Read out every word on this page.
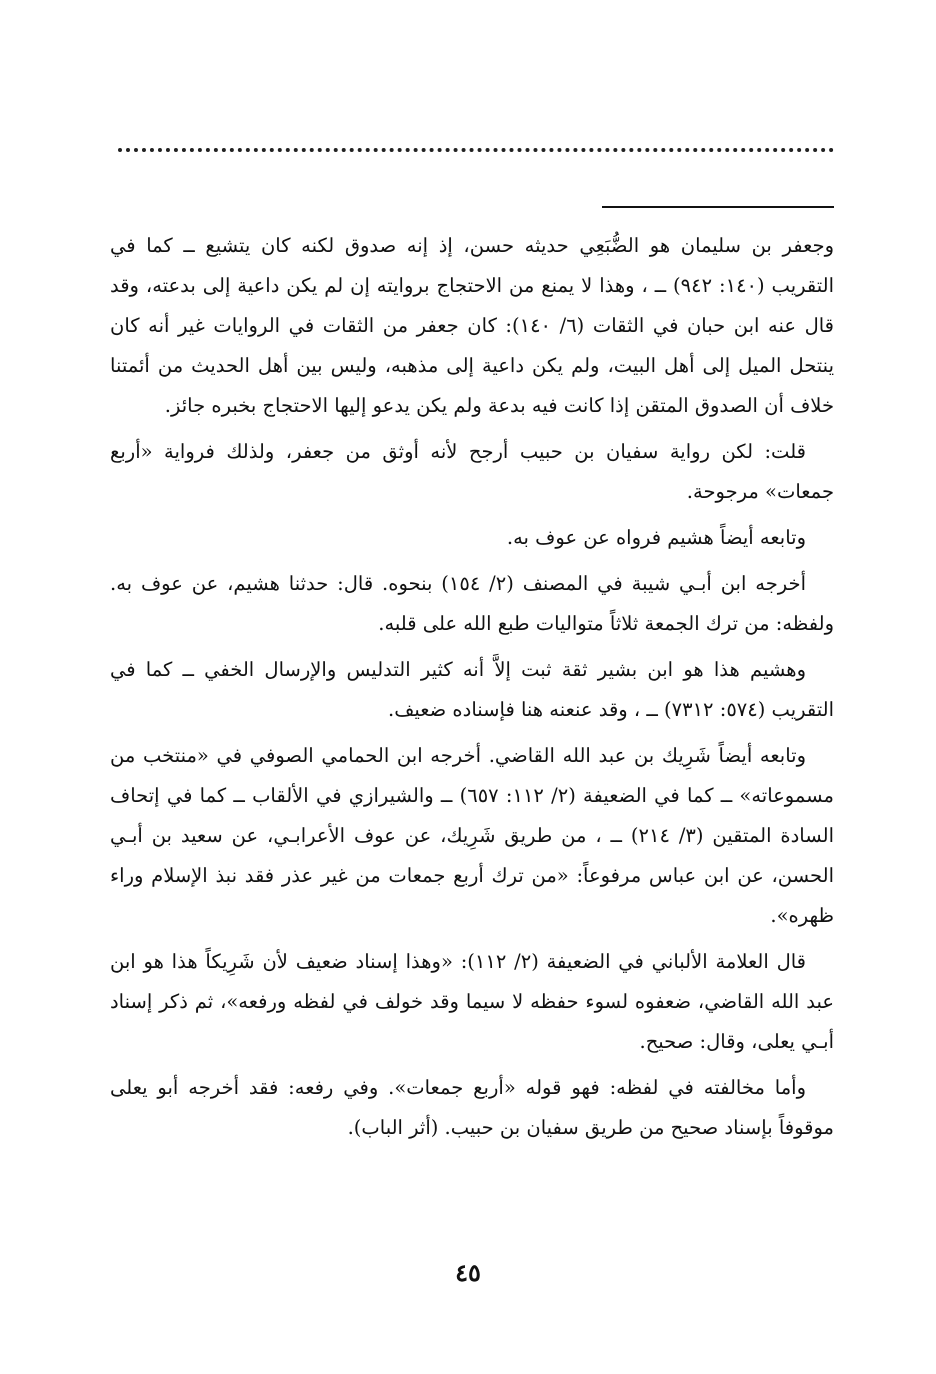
وجعفر بن سليمان هو الضُّبَعِي حديثه حسن، إذ إنه صدوق لكنه كان يتشيع ــ كما في التقريب (١٤٠: ٩٤٢) ــ ، وهذا لا يمنع من الاحتجاج بروايته إن لم يكن داعية إلى بدعته، وقد قال عنه ابن حبان في الثقات (٦/ ١٤٠): كان جعفر من الثقات في الروايات غير أنه كان ينتحل الميل إلى أهل البيت، ولم يكن داعية إلى مذهبه، وليس بين أهل الحديث من أئمتنا خلاف أن الصدوق المتقن إذا كانت فيه بدعة ولم يكن يدعو إليها الاحتجاج بخبره جائز.

قلت: لكن رواية سفيان بن حبيب أرجح لأنه أوثق من جعفر، ولذلك فرواية «أربع جمعات» مرجوحة.

وتابعه أيضاً هشيم فرواه عن عوف به.

أخرجه ابن أبـي شيبة في المصنف (٢/ ١٥٤) بنحوه. قال: حدثنا هشيم، عن عوف به. ولفظه: من ترك الجمعة ثلاثاً متواليات طبع الله على قلبه.

وهشيم هذا هو ابن بشير ثقة ثبت إلاَّ أنه كثير التدليس والإرسال الخفي ــ كما في التقريب (٥٧٤: ٧٣١٢) ــ ، وقد عنعنه هنا فإسناده ضعيف.

وتابعه أيضاً شَرِيك بن عبد الله القاضي. أخرجه ابن الحمامي الصوفي في «منتخب من مسموعاته» ــ كما في الضعيفة (٢/ ١١٢: ٦٥٧) ــ والشيرازي في الألقاب ــ كما في إتحاف السادة المتقين (٣/ ٢١٤) ــ ، من طريق شَرِيك، عن عوف الأعرابـي، عن سعيد بن أبـي الحسن، عن ابن عباس مرفوعاً: «من ترك أربع جمعات من غير عذر فقد نبذ الإسلام وراء ظهره».

قال العلامة الألباني في الضعيفة (٢/ ١١٢): «وهذا إسناد ضعيف لأن شَرِيكاً هذا هو ابن عبد الله القاضي، ضعفوه لسوء حفظه لا سيما وقد خولف في لفظه ورفعه»، ثم ذكر إسناد أبـي يعلى، وقال: صحيح.

وأما مخالفته في لفظه: فهو قوله «أربع جمعات». وفي رفعه: فقد أخرجه أبو يعلى موقوفاً بإسناد صحيح من طريق سفيان بن حبيب. (أثر الباب).

٤٥
